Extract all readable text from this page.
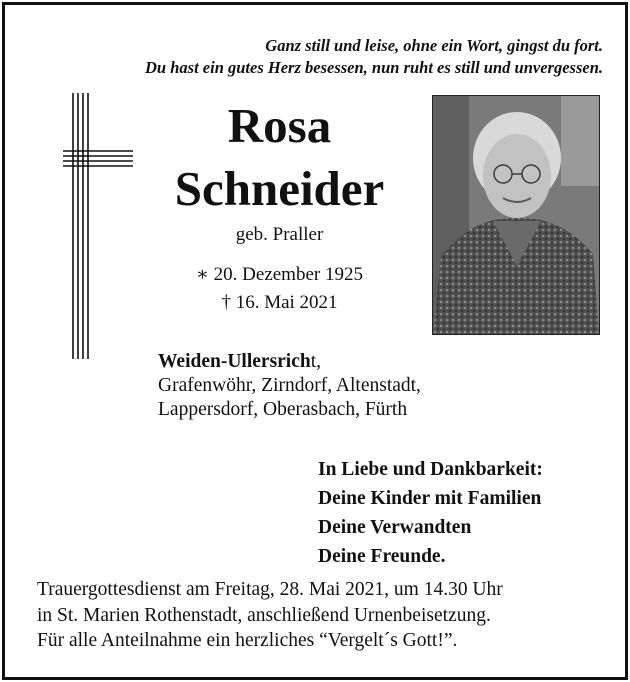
Ganz still und leise, ohne ein Wort, gingst du fort.
Du hast ein gutes Herz besessen, nun ruht es still und unvergessen.
Rosa
Schneider
geb. Praller
∗ 20. Dezember 1925
† 16. Mai 2021
Weiden-Ullersricht,
Grafenwöhr, Zirndorf, Altenstadt,
Lappersdorf, Oberasbach, Fürth
In Liebe und Dankbarkeit:
Deine Kinder mit Familien
Deine Verwandten
Deine Freunde.
Trauergottesdienst am Freitag, 28. Mai 2021, um 14.30 Uhr
in St. Marien Rothenstadt, anschließend Urnenbeisetzung.
Für alle Anteilnahme ein herzliches “Vergelt´s Gott!”.
